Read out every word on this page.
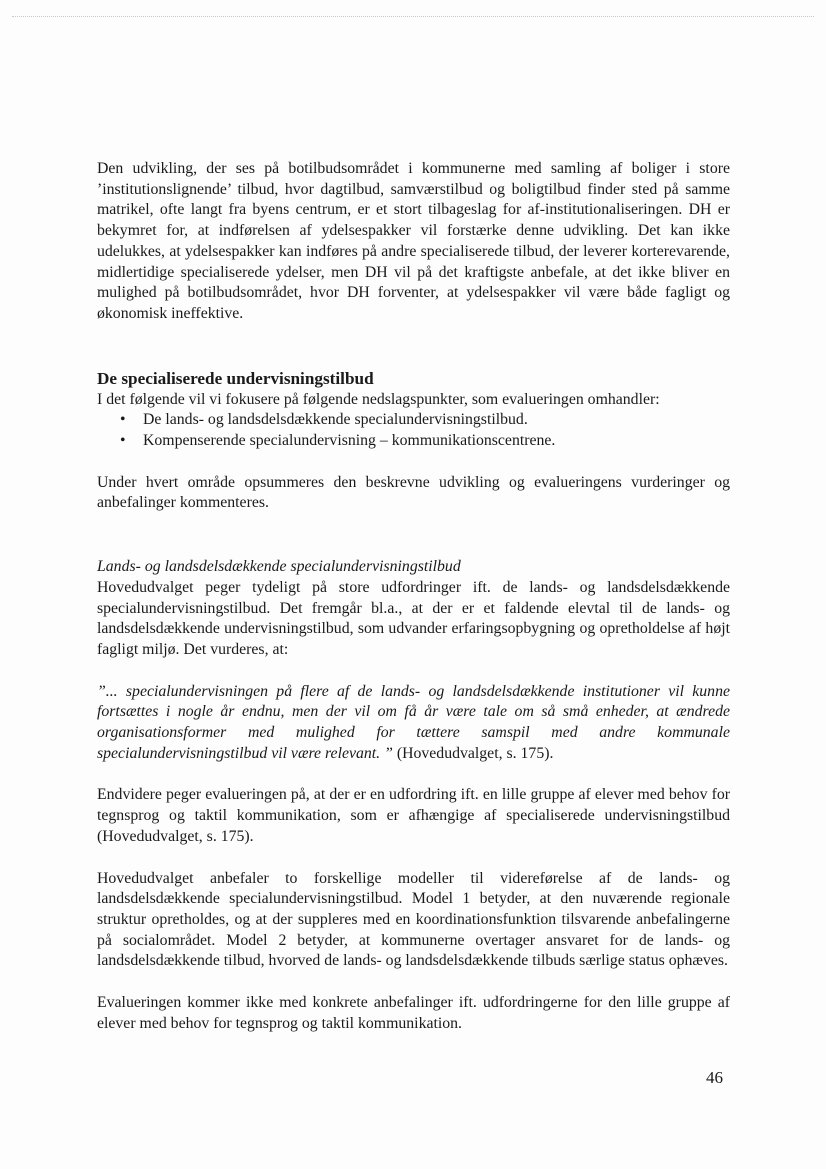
Den udvikling, der ses på botilbudsområdet i kommunerne med samling af boliger i store ’institutionslignende’ tilbud, hvor dagtilbud, samværstilbud og boligtilbud finder sted på samme matrikel, ofte langt fra byens centrum, er et stort tilbageslag for af-institutionaliseringen. DH er bekymret for, at indførelsen af ydelsespakker vil forstærke denne udvikling. Det kan ikke udelukkes, at ydelsespakker kan indføres på andre specialiserede tilbud, der leverer korterevarende, midlertidige specialiserede ydelser, men DH vil på det kraftigste anbefale, at det ikke bliver en mulighed på botilbudsområdet, hvor DH forventer, at ydelsespakker vil være både fagligt og økonomisk ineffektive.

De specialiserede undervisningstilbud

I det følgende vil vi fokusere på følgende nedslagspunkter, som evalueringen omhandler:

• De lands- og landsdelsdækkende specialundervisningstilbud.
• Kompenserende specialundervisning – kommunikationscentrene.

Under hvert område opsummeres den beskrevne udvikling og evalueringens vurderinger og anbefalinger kommenteres.

Lands- og landsdelsdækkende specialundervisningstilbud

Hovedudvalget peger tydeligt på store udfordringer ift. de lands- og landsdelsdækkende specialundervisningstilbud. Det fremgår bl.a., at der er et faldende elevtal til de lands- og landsdelsdækkende undervisningstilbud, som udvander erfaringsopbygning og opretholdelse af højt fagligt miljø. Det vurderes, at:

”... specialundervisningen på flere af de lands- og landsdelsdækkende institutioner vil kunne fortsættes i nogle år endnu, men der vil om få år være tale om så små enheder, at ændrede organisationsformer med mulighed for tættere samspil med andre kommunale specialundervisningstilbud vil være relevant. ” (Hovedudvalget, s. 175).

Endvidere peger evalueringen på, at der er en udfordring ift. en lille gruppe af elever med behov for tegnsprog og taktil kommunikation, som er afhængige af specialiserede undervisningstilbud (Hovedudvalget, s. 175).

Hovedudvalget anbefaler to forskellige modeller til videreførelse af de lands- og landsdelsdækkende specialundervisningstilbud. Model 1 betyder, at den nuværende regionale struktur opretholdes, og at der suppleres med en koordinationsfunktion tilsvarende anbefalingerne på socialområdet. Model 2 betyder, at kommunerne overtager ansvaret for de lands- og landsdelsdækkende tilbud, hvorved de lands- og landsdelsdækkende tilbuds særlige status ophæves.

Evalueringen kommer ikke med konkrete anbefalinger ift. udfordringerne for den lille gruppe af elever med behov for tegnsprog og taktil kommunikation.

46
